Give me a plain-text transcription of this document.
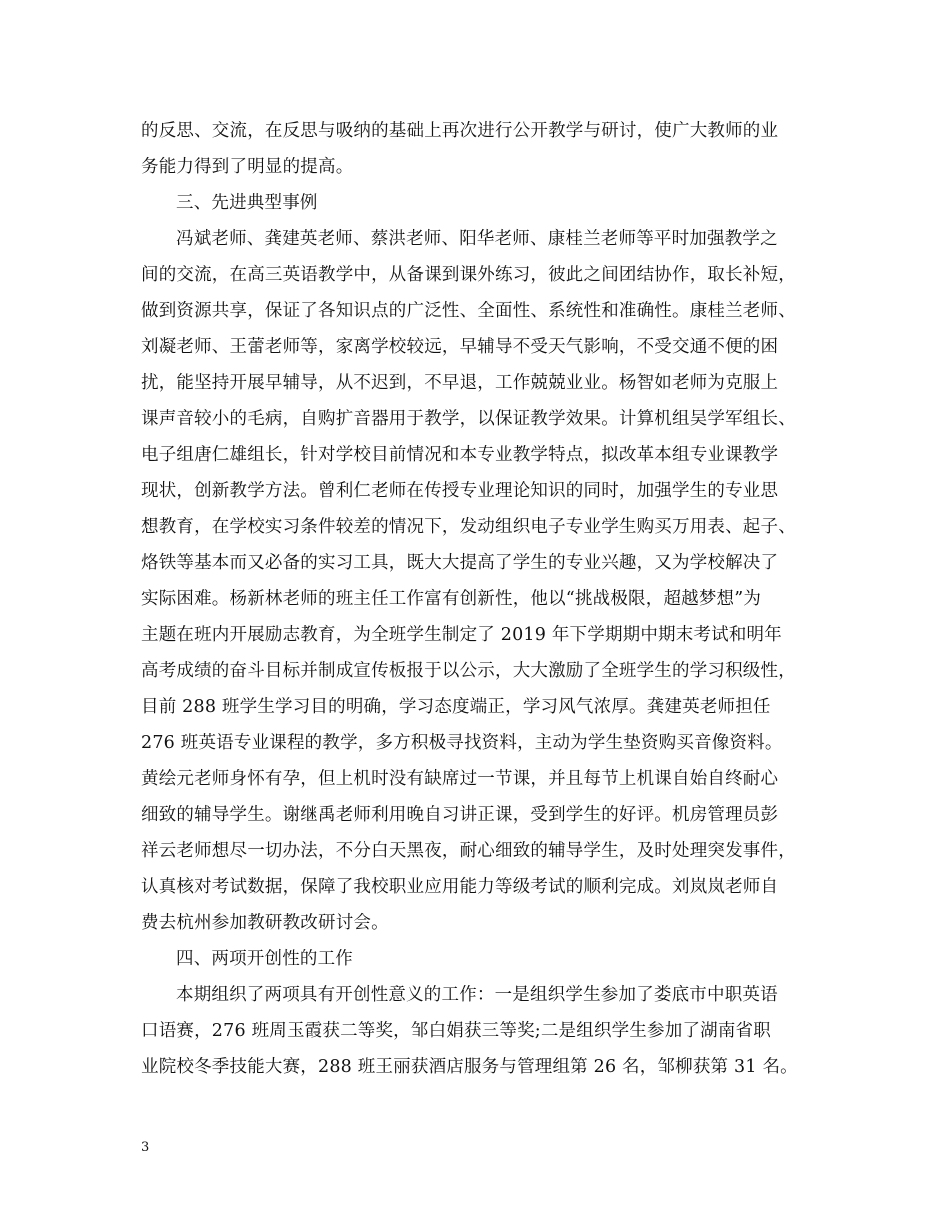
的反思、交流，在反思与吸纳的基础上再次进行公开教学与研讨，使广大教师的业
务能力得到了明显的提高。
三、先进典型事例
冯斌老师、龚建英老师、蔡洪老师、阳华老师、康桂兰老师等平时加强教学之
间的交流，在高三英语教学中，从备课到课外练习，彼此之间团结协作，取长补短，
做到资源共享，保证了各知识点的广泛性、全面性、系统性和准确性。康桂兰老师、
刘凝老师、王蕾老师等，家离学校较远，早辅导不受天气影响，不受交通不便的困
扰，能坚持开展早辅导，从不迟到，不早退，工作兢兢业业。杨智如老师为克服上
课声音较小的毛病，自购扩音器用于教学，以保证教学效果。计算机组吴学军组长、
电子组唐仁雄组长，针对学校目前情况和本专业教学特点，拟改革本组专业课教学
现状，创新教学方法。曾利仁老师在传授专业理论知识的同时，加强学生的专业思
想教育，在学校实习条件较差的情况下，发动组织电子专业学生购买万用表、起子、
烙铁等基本而又必备的实习工具，既大大提高了学生的专业兴趣，又为学校解决了
实际困难。杨新林老师的班主任工作富有创新性，他以“挑战极限，超越梦想”为
主题在班内开展励志教育，为全班学生制定了 2019 年下学期期中期末考试和明年
高考成绩的奋斗目标并制成宣传板报于以公示，大大激励了全班学生的学习积级性，
目前 288 班学生学习目的明确，学习态度端正，学习风气浓厚。龚建英老师担任
276 班英语专业课程的教学，多方积极寻找资料，主动为学生垫资购买音像资料。
黄绘元老师身怀有孕，但上机时没有缺席过一节课，并且每节上机课自始自终耐心
细致的辅导学生。谢继禹老师利用晚自习讲正课，受到学生的好评。机房管理员彭
祥云老师想尽一切办法，不分白天黑夜，耐心细致的辅导学生，及时处理突发事件，
认真核对考试数据，保障了我校职业应用能力等级考试的顺利完成。刘岚岚老师自
费去杭州参加教研教改研讨会。
四、两项开创性的工作
本期组织了两项具有开创性意义的工作：一是组织学生参加了娄底市中职英语
口语赛，276 班周玉霞获二等奖，邹白娟获三等奖;二是组织学生参加了湖南省职
业院校冬季技能大赛，288 班王丽获酒店服务与管理组第 26 名，邹柳获第 31 名。
3
